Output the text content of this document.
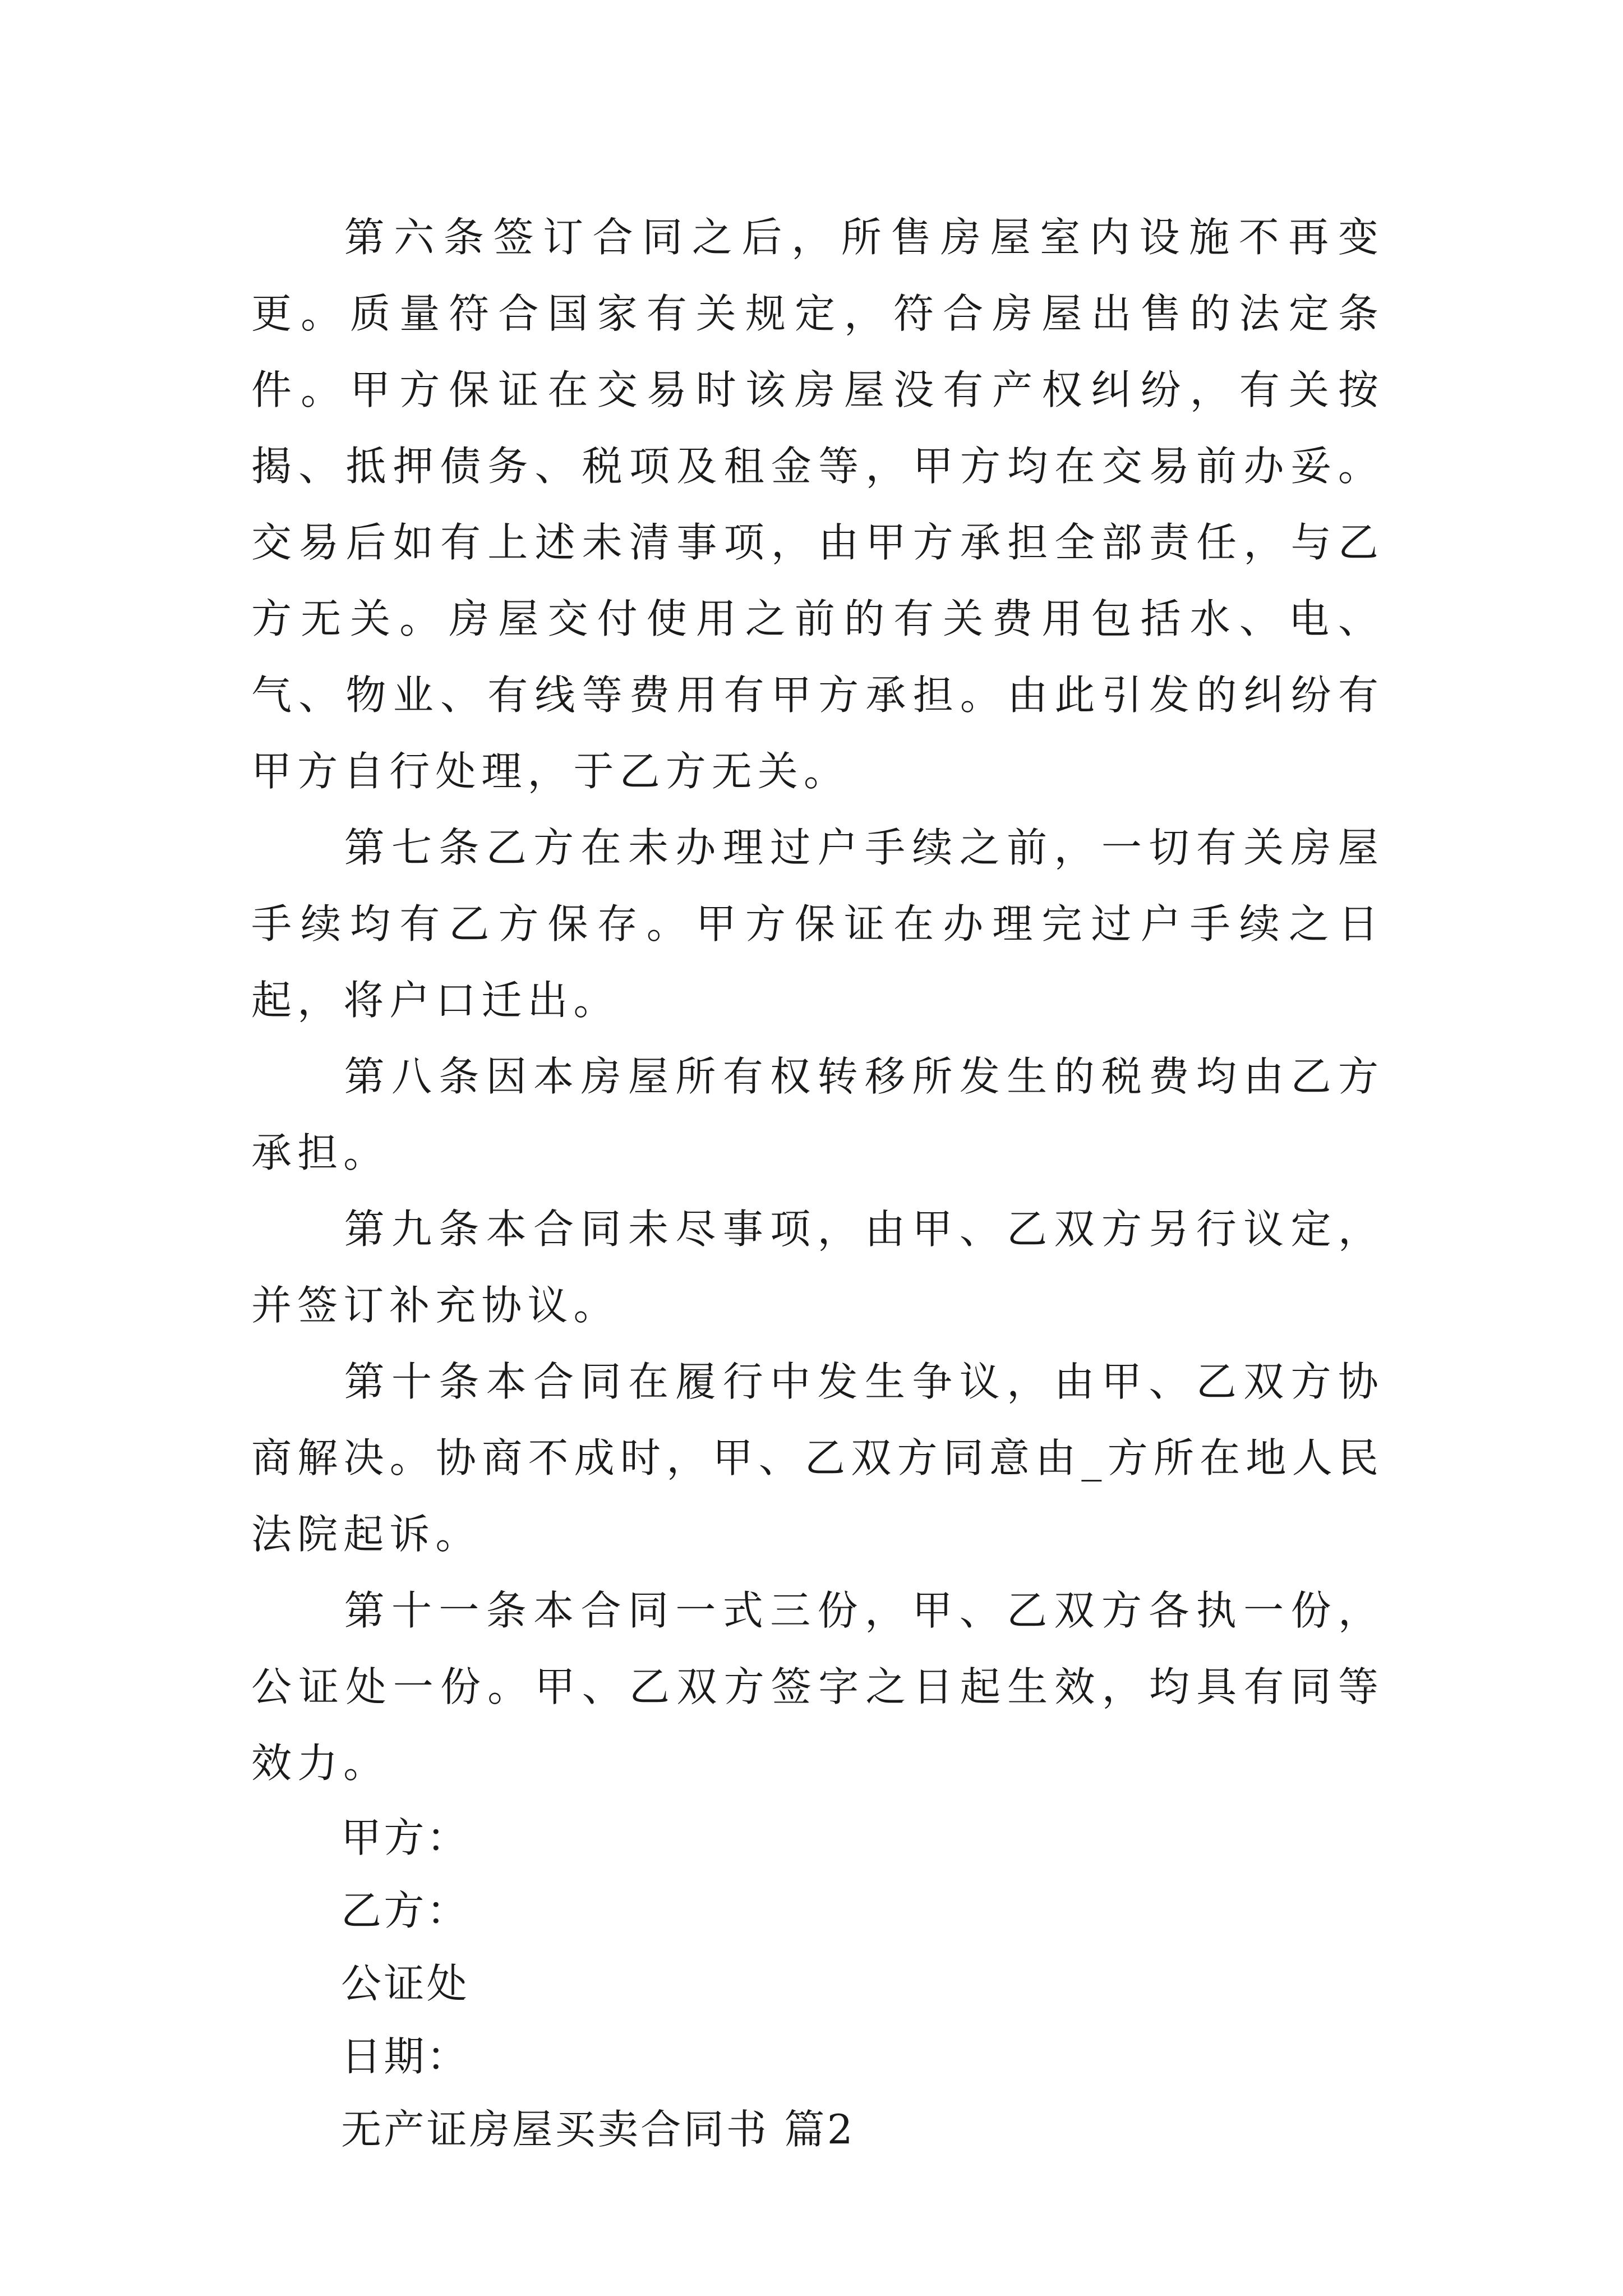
第六条签订合同之后，所售房屋室内设施不再变更。质量符合国家有关规定，符合房屋出售的法定条件。甲方保证在交易时该房屋没有产权纠纷，有关按揭、抵押债务、税项及租金等，甲方均在交易前办妥。交易后如有上述未清事项，由甲方承担全部责任，与乙方无关。房屋交付使用之前的有关费用包括水、电、气、物业、有线等费用有甲方承担。由此引发的纠纷有甲方自行处理，于乙方无关。

第七条乙方在未办理过户手续之前，一切有关房屋手续均有乙方保存。甲方保证在办理完过户手续之日起，将户口迁出。

第八条因本房屋所有权转移所发生的税费均由乙方承担。

第九条本合同未尽事项，由甲、乙双方另行议定，并签订补充协议。

第十条本合同在履行中发生争议，由甲、乙双方协商解决。协商不成时，甲、乙双方同意由_方所在地人民法院起诉。

第十一条本合同一式三份，甲、乙双方各执一份，公证处一份。甲、乙双方签字之日起生效，均具有同等效力。

甲方：

乙方：

公证处

日期：

无产证房屋买卖合同书 篇2
